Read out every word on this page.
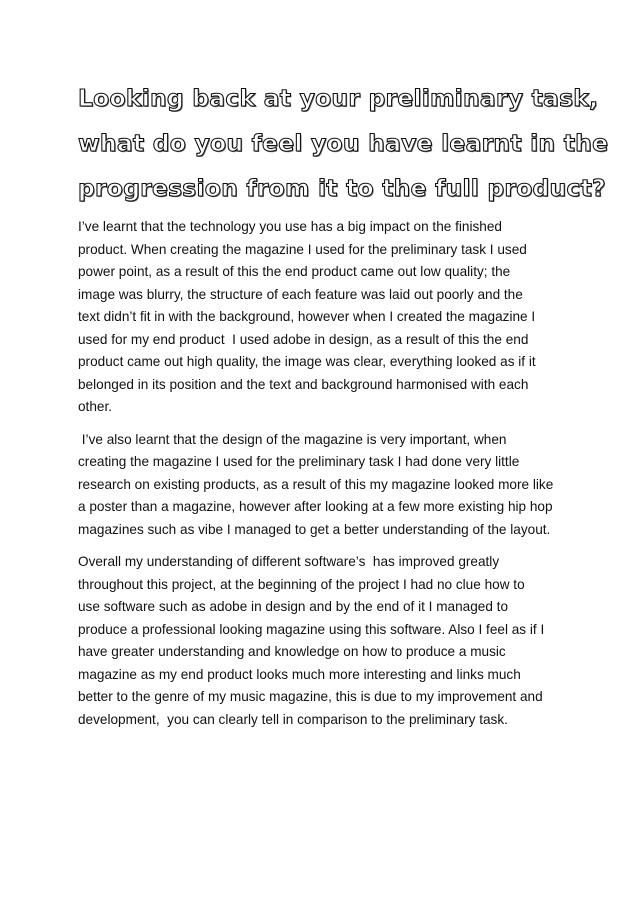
Looking back at your preliminary task,
what do you feel you have learnt in the
progression from it to the full product?

I’ve learnt that the technology you use has a big impact on the finished
product. When creating the magazine I used for the preliminary task I used
power point, as a result of this the end product came out low quality; the
image was blurry, the structure of each feature was laid out poorly and the
text didn’t fit in with the background, however when I created the magazine I
used for my end product  I used adobe in design, as a result of this the end
product came out high quality, the image was clear, everything looked as if it
belonged in its position and the text and background harmonised with each
other.

I’ve also learnt that the design of the magazine is very important, when
creating the magazine I used for the preliminary task I had done very little
research on existing products, as a result of this my magazine looked more like
a poster than a magazine, however after looking at a few more existing hip hop
magazines such as vibe I managed to get a better understanding of the layout.

Overall my understanding of different software’s  has improved greatly
throughout this project, at the beginning of the project I had no clue how to
use software such as adobe in design and by the end of it I managed to
produce a professional looking magazine using this software. Also I feel as if I
have greater understanding and knowledge on how to produce a music
magazine as my end product looks much more interesting and links much
better to the genre of my music magazine, this is due to my improvement and
development,  you can clearly tell in comparison to the preliminary task.
